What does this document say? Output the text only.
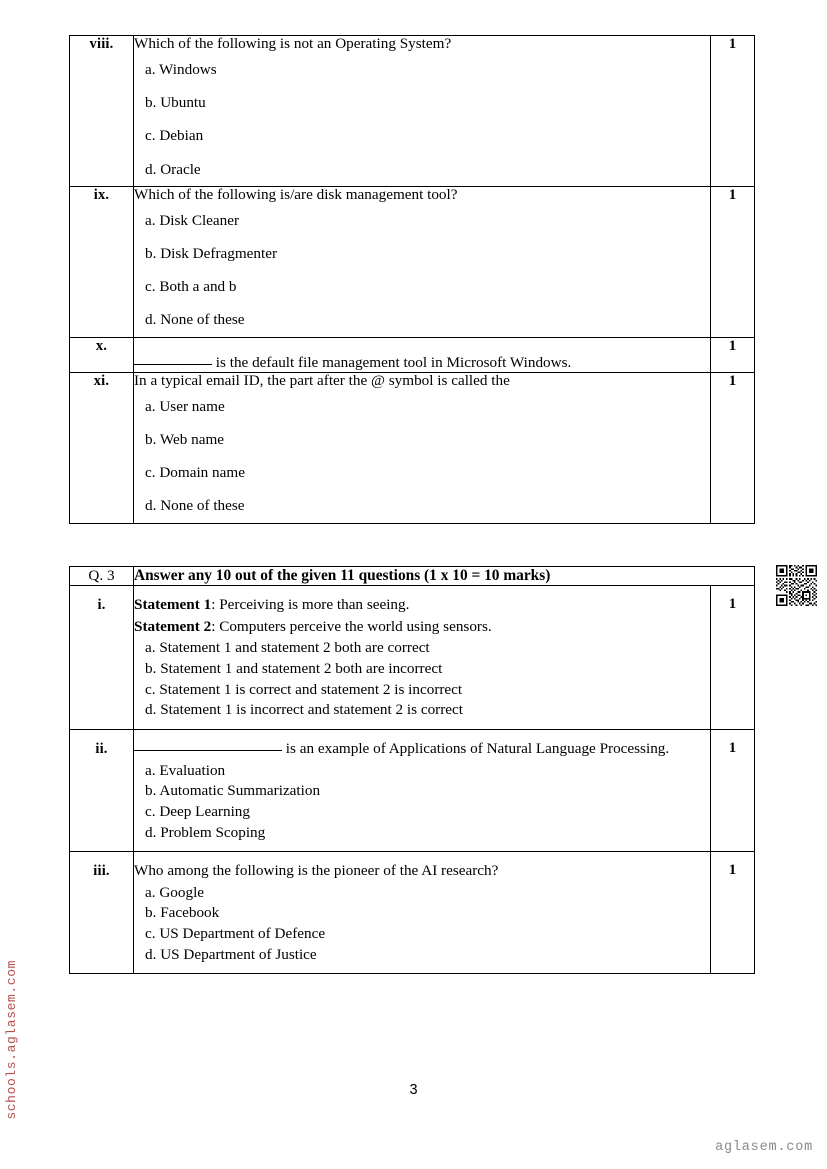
viii.	Which of the following is not an Operating System?

a. Windows
b. Ubuntu
c. Debian
d. Oracle
	1
ix.	Which of the following is/are disk management tool?

a. Disk Cleaner
b. Disk Defragmenter
c. Both a and b
d. None of these
	1
x.	is the default file management tool in Microsoft Windows.	1
xi.	In a typical email ID, the part after the @ symbol is called the

a. User name
b. Web name
c. Domain name
d. None of these
	1
Q. 3	Answer any 10 out of the given 11 questions (1 x 10 = 10 marks)	
i.	Statement 1: Perceiving is more than seeing.

Statement 2: Computers perceive the world using sensors.

a. Statement 1 and statement 2 both are correct
b. Statement 1 and statement 2 both are incorrect
c. Statement 1 is correct and statement 2 is incorrect
d. Statement 1 is incorrect and statement 2 is correct
	1
ii.	is an example of Applications of Natural Language Processing.

a. Evaluation
b. Automatic Summarization
c. Deep Learning
d. Problem Scoping
	1
iii.	Who among the following is the pioneer of the AI research?

a. Google
b. Facebook
c. US Department of Defence
d. US Department of Justice
	1
schools.aglasem.com
aglasem.com
3
